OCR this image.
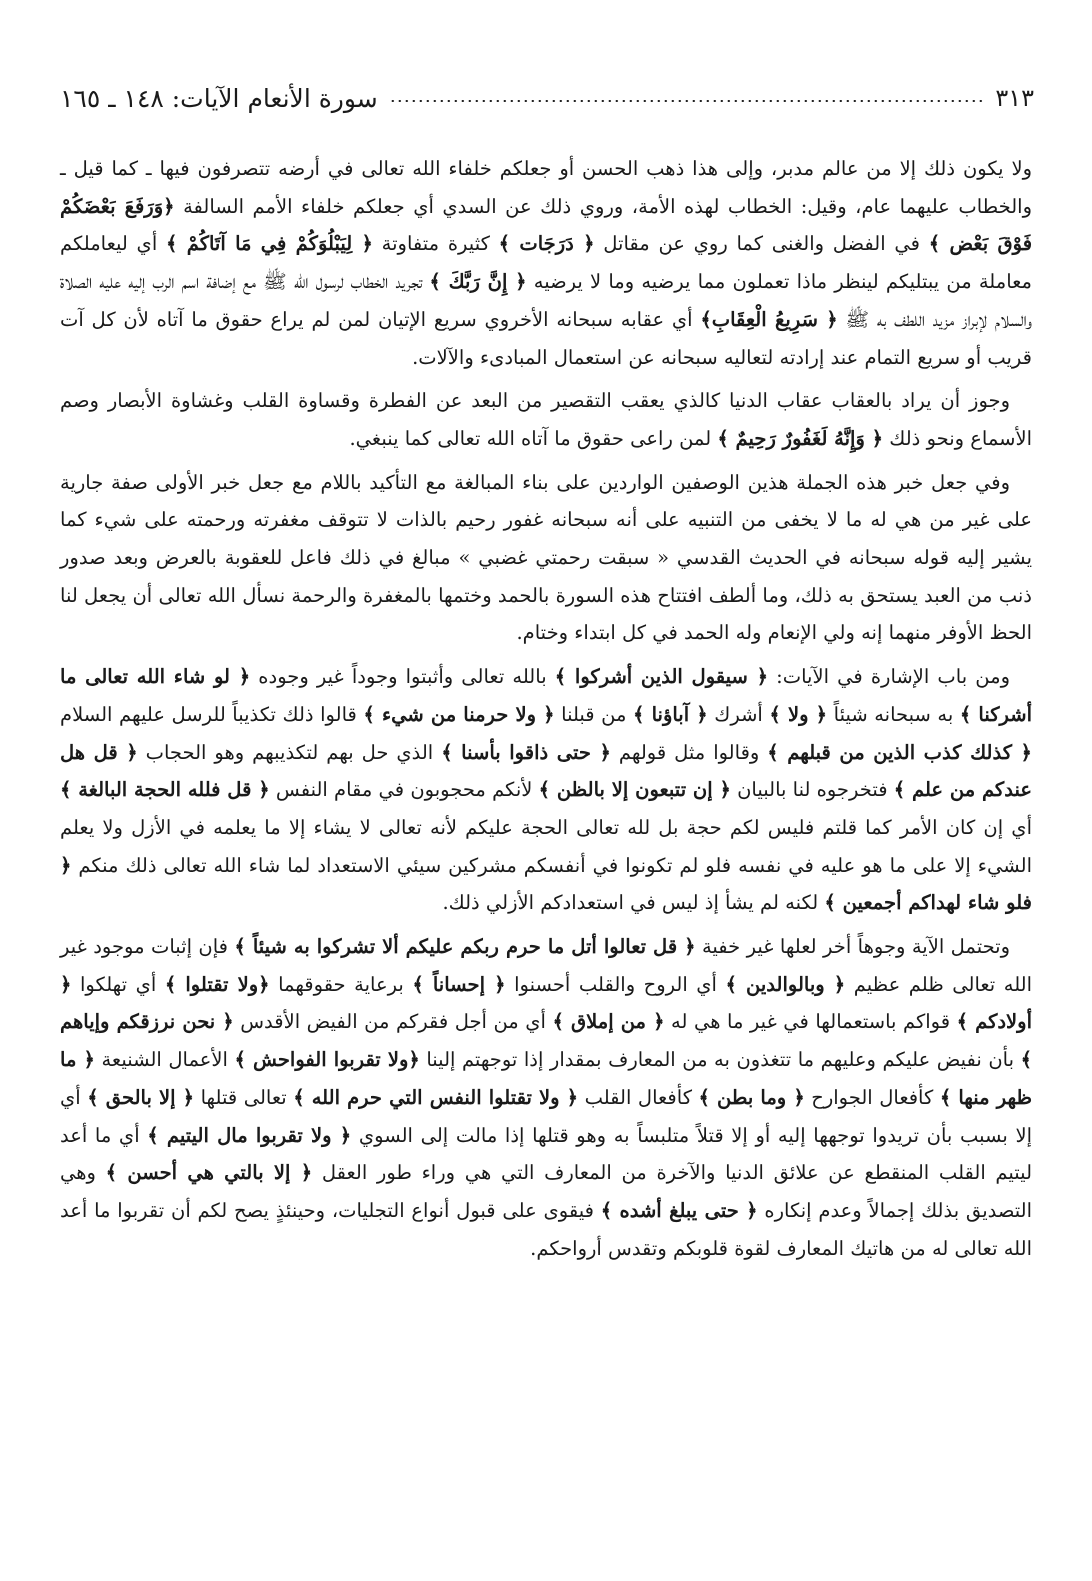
سورة الأنعام الآيات: ١٤٨ ـ ١٦٥	٣١٣

ولا يكون ذلك إلا من عالم مدبر، وإلى هذا ذهب الحسن أو جعلكم خلفاء الله تعالى في أرضه تتصرفون فيها ـ كما قيل ـ والخطاب عليهما عام، وقيل: الخطاب لهذه الأمة، وروي ذلك عن السدي أي جعلكم خلفاء الأمم السالفة ﴿وَرَفَعَ بَعْضَكُمْ فَوْقَ بَعْض ﴾ في الفضل والغنى كما روي عن مقاتل ﴿ دَرَجَات ﴾ كثيرة متفاوتة ﴿ لِيَبْلُوَكُمْ فِي مَا آتَاكُمْ ﴾ أي ليعاملكم معاملة من يبتليكم لينظر ماذا تعملون مما يرضيه وما لا يرضيه ﴿ إِنَّ رَبَّكَ ﴾ تجريد الخطاب لرسول الله ﷺ مع إضافة اسم الرب إليه عليه الصلاة والسلام لإبراز مزيد اللطف به ﷺ ﴿ سَرِيعُ الْعِقَابِ﴾ أي عقابه سبحانه الأخروي سريع الإتيان لمن لم يراع حقوق ما آتاه لأن كل آت قريب أو سريع التمام عند إرادته لتعاليه سبحانه عن استعمال المبادىء والآلات.

وجوز أن يراد بالعقاب عقاب الدنيا كالذي يعقب التقصير من البعد عن الفطرة وقساوة القلب وغشاوة الأبصار وصم الأسماع ونحو ذلك ﴿ وَإِنَّهُ لَغَفُورٌ رَحِيمٌ ﴾ لمن راعى حقوق ما آتاه الله تعالى كما ينبغي.

وفي جعل خبر هذه الجملة هذين الوصفين الواردين على بناء المبالغة مع التأكيد باللام مع جعل خبر الأولى صفة جارية على غير من هي له ما لا يخفى من التنبيه على أنه سبحانه غفور رحيم بالذات لا تتوقف مغفرته ورحمته على شيء كما يشير إليه قوله سبحانه في الحديث القدسي « سبقت رحمتي غضبي » مبالغ في ذلك فاعل للعقوبة بالعرض وبعد صدور ذنب من العبد يستحق به ذلك، وما ألطف افتتاح هذه السورة بالحمد وختمها بالمغفرة والرحمة نسأل الله تعالى أن يجعل لنا الحظ الأوفر منهما إنه ولي الإنعام وله الحمد في كل ابتداء وختام.

ومن باب الإشارة في الآيات: ﴿ سيقول الذين أشركوا ﴾ بالله تعالى وأثبتوا وجوداً غير وجوده ﴿ لو شاء الله تعالى ما أشركنا ﴾ به سبحانه شيئاً ﴿ ولا ﴾ أشرك ﴿ آباؤنا ﴾ من قبلنا ﴿ ولا حرمنا من شيء ﴾ قالوا ذلك تكذيباً للرسل عليهم السلام ﴿ كذلك كذب الذين من قبلهم ﴾ وقالوا مثل قولهم ﴿ حتى ذاقوا بأسنا ﴾ الذي حل بهم لتكذيبهم وهو الحجاب ﴿ قل هل عندكم من علم ﴾ فتخرجوه لنا بالبيان ﴿ إن تتبعون إلا بالظن ﴾ لأنكم محجوبون في مقام النفس ﴿ قل فلله الحجة البالغة ﴾ أي إن كان الأمر كما قلتم فليس لكم حجة بل لله تعالى الحجة عليكم لأنه تعالى لا يشاء إلا ما يعلمه في الأزل ولا يعلم الشيء إلا على ما هو عليه في نفسه فلو لم تكونوا في أنفسكم مشركين سيئي الاستعداد لما شاء الله تعالى ذلك منكم ﴿ فلو شاء لهداكم أجمعين ﴾ لكنه لم يشأ إذ ليس في استعدادكم الأزلي ذلك.

وتحتمل الآية وجوهاً أخر لعلها غير خفية ﴿ قل تعالوا أتل ما حرم ربكم عليكم ألا تشركوا به شيئاً ﴾ فإن إثبات موجود غير الله تعالى ظلم عظيم ﴿ وبالوالدين ﴾ أي الروح والقلب أحسنوا ﴿ إحساناً ﴾ برعاية حقوقهما ﴿ولا تقتلوا ﴾ أي تهلكوا ﴿ أولادكم ﴾ قواكم باستعمالها في غير ما هي له ﴿ من إملاق ﴾ أي من أجل فقركم من الفيض الأقدس ﴿ نحن نرزقكم وإياهم ﴾ بأن نفيض عليكم وعليهم ما تتغذون به من المعارف بمقدار إذا توجهتم إلينا ﴿ولا تقربوا الفواحش ﴾ الأعمال الشنيعة ﴿ ما ظهر منها ﴾ كأفعال الجوارح ﴿ وما بطن ﴾ كأفعال القلب ﴿ ولا تقتلوا النفس التي حرم الله ﴾ تعالى قتلها ﴿ إلا بالحق ﴾ أي إلا بسبب بأن تريدوا توجهها إليه أو إلا قتلاً متلبساً به وهو قتلها إذا مالت إلى السوي ﴿ ولا تقربوا مال اليتيم ﴾ أي ما أعد ليتيم القلب المنقطع عن علائق الدنيا والآخرة من المعارف التي هي وراء طور العقل ﴿ إلا بالتي هي أحسن ﴾ وهي التصديق بذلك إجمالاً وعدم إنكاره ﴿ حتى يبلغ أشده ﴾ فيقوى على قبول أنواع التجليات، وحينئذٍ يصح لكم أن تقربوا ما أعد الله تعالى له من هاتيك المعارف لقوة قلوبكم وتقدس أرواحكم.
